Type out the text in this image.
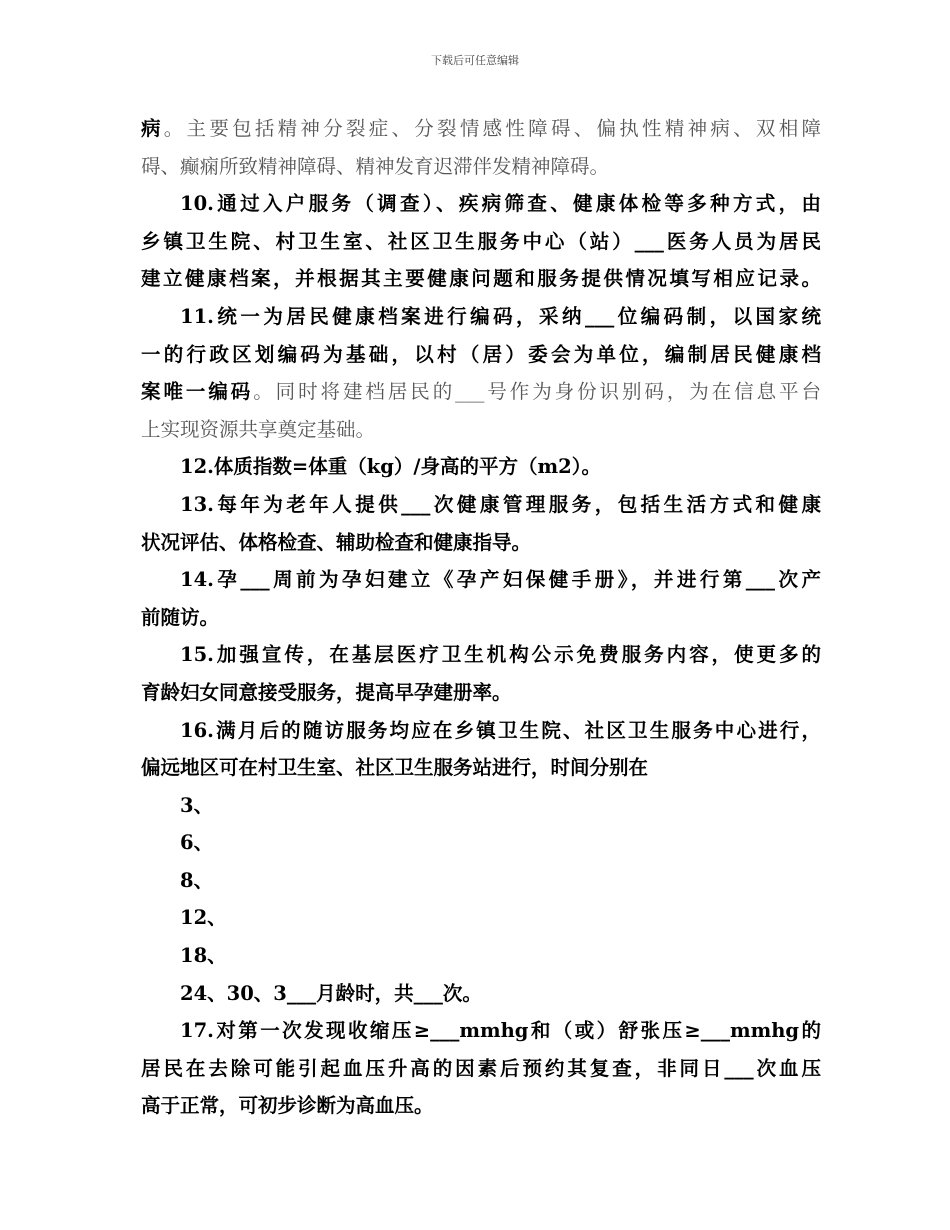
下载后可任意编辑
病。主要包括精神分裂症、分裂情感性障碍、偏执性精神病、双相障
碍、癫痫所致精神障碍、精神发育迟滞伴发精神障碍。
10.通过入户服务（调查）、疾病筛查、健康体检等多种方式，由
乡镇卫生院、村卫生室、社区卫生服务中心（站）___医务人员为居民
建立健康档案，并根据其主要健康问题和服务提供情况填写相应记录。
11.统一为居民健康档案进行编码，采纳___位编码制，以国家统
一的行政区划编码为基础，以村（居）委会为单位，编制居民健康档
案唯一编码。同时将建档居民的___号作为身份识别码，为在信息平台
上实现资源共享奠定基础。
12.体质指数=体重（kg）/身高的平方（m2）。
13.每年为老年人提供___次健康管理服务，包括生活方式和健康
状况评估、体格检查、辅助检查和健康指导。
14.孕___周前为孕妇建立《孕产妇保健手册》，并进行第___次产
前随访。
15.加强宣传，在基层医疗卫生机构公示免费服务内容，使更多的
育龄妇女同意接受服务，提高早孕建册率。
16.满月后的随访服务均应在乡镇卫生院、社区卫生服务中心进行，
偏远地区可在村卫生室、社区卫生服务站进行，时间分别在
3、
6、
8、
12、
18、
24、30、3___月龄时，共___次。
17.对第一次发现收缩压≥___mmhg和（或）舒张压≥___mmhg的
居民在去除可能引起血压升高的因素后预约其复查，非同日___次血压
高于正常，可初步诊断为高血压。
